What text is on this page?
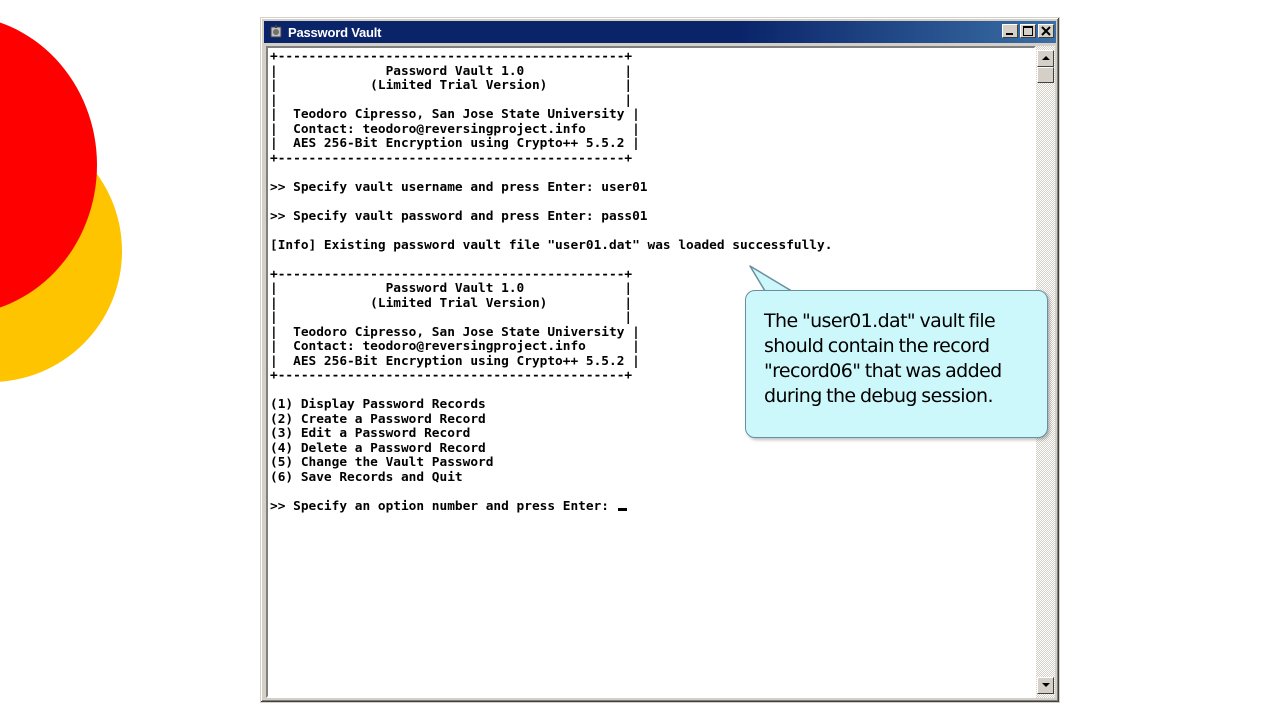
Password Vault
+---------------------------------------------+
|              Password Vault 1.0             |
|            (Limited Trial Version)          |
|                                             |
|  Teodoro Cipresso, San Jose State University |
|  Contact: teodoro@reversingproject.info      |
|  AES 256-Bit Encryption using Crypto++ 5.5.2 |
+---------------------------------------------+

>> Specify vault username and press Enter: user01

>> Specify vault password and press Enter: pass01

[Info] Existing password vault file "user01.dat" was loaded successfully.

+---------------------------------------------+
|              Password Vault 1.0             |
|            (Limited Trial Version)          |
|                                             |
|  Teodoro Cipresso, San Jose State University |
|  Contact: teodoro@reversingproject.info      |
|  AES 256-Bit Encryption using Crypto++ 5.5.2 |
+---------------------------------------------+

(1) Display Password Records
(2) Create a Password Record
(3) Edit a Password Record
(4) Delete a Password Record
(5) Change the Vault Password
(6) Save Records and Quit

>> Specify an option number and press Enter:
The "user01.dat" vault file should contain the record "record06" that was added during the debug session.
